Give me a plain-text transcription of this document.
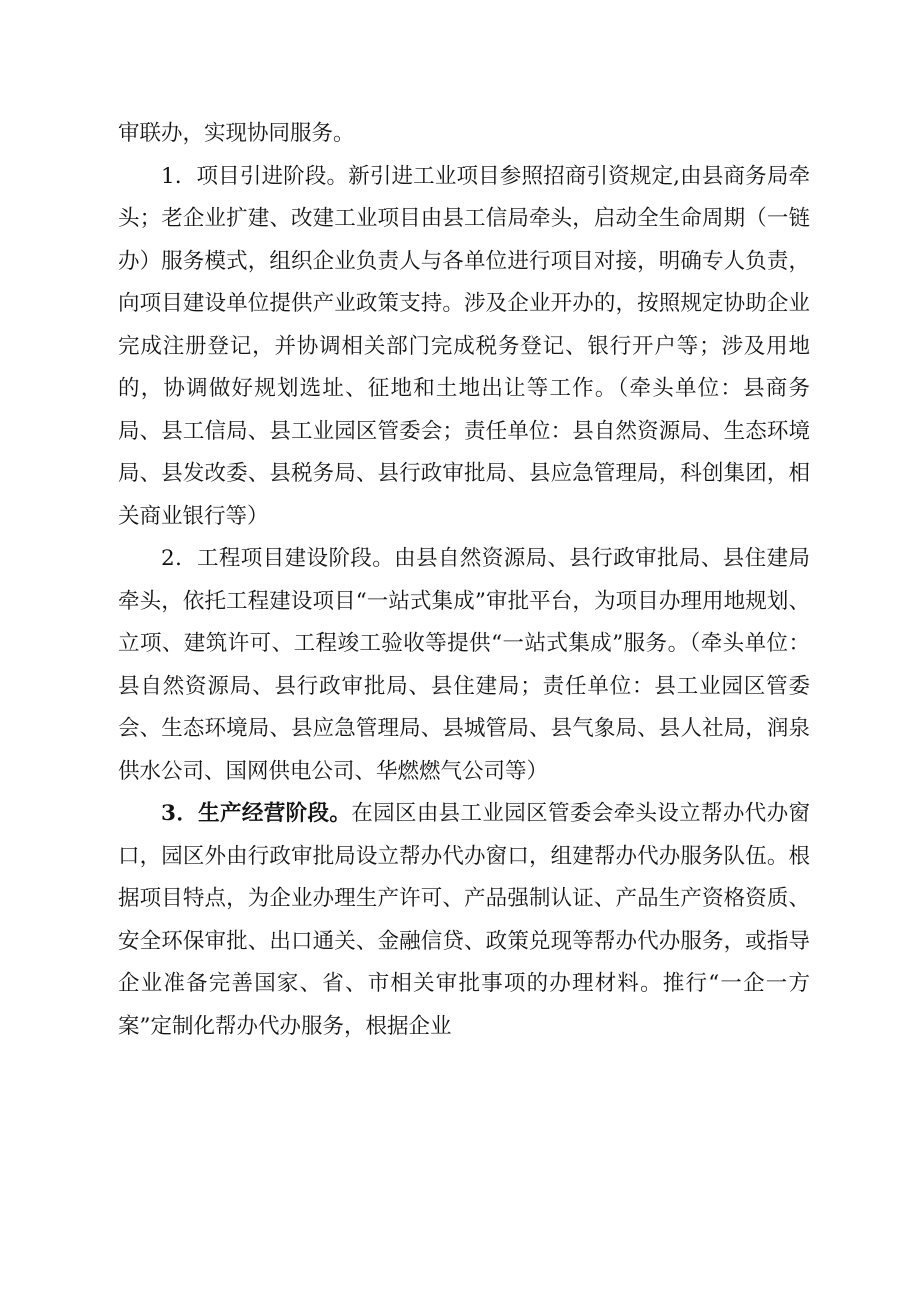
审联办，实现协同服务。

1．项目引进阶段。新引进工业项目参照招商引资规定,由县商务局牵头；老企业扩建、改建工业项目由县工信局牵头，启动全生命周期（一链办）服务模式，组织企业负责人与各单位进行项目对接，明确专人负责，向项目建设单位提供产业政策支持。涉及企业开办的，按照规定协助企业完成注册登记，并协调相关部门完成税务登记、银行开户等；涉及用地的，协调做好规划选址、征地和土地出让等工作。（牵头单位：县商务局、县工信局、县工业园区管委会；责任单位：县自然资源局、生态环境局、县发改委、县税务局、县行政审批局、县应急管理局，科创集团，相关商业银行等）

2．工程项目建设阶段。由县自然资源局、县行政审批局、县住建局牵头，依托工程建设项目“一站式集成”审批平台，为项目办理用地规划、立项、建筑许可、工程竣工验收等提供“一站式集成”服务。（牵头单位：县自然资源局、县行政审批局、县住建局；责任单位：县工业园区管委会、生态环境局、县应急管理局、县城管局、县气象局、县人社局，润泉供水公司、国网供电公司、华燃燃气公司等）

3．生产经营阶段。在园区由县工业园区管委会牵头设立帮办代办窗口，园区外由行政审批局设立帮办代办窗口，组建帮办代办服务队伍。根据项目特点，为企业办理生产许可、产品强制认证、产品生产资格资质、安全环保审批、出口通关、金融信贷、政策兑现等帮办代办服务，或指导企业准备完善国家、省、市相关审批事项的办理材料。推行“一企一方案”定制化帮办代办服务，根据企业
